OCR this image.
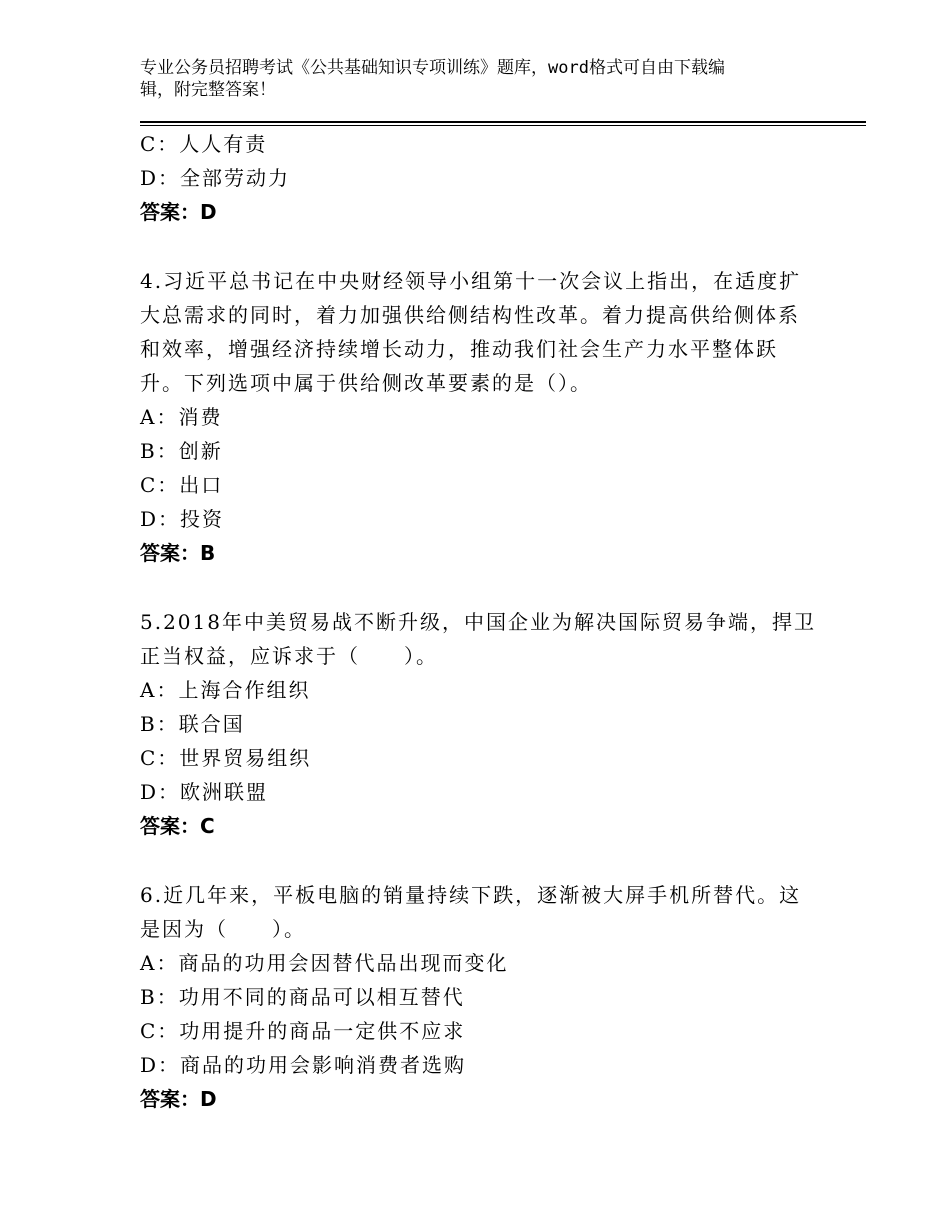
专业公务员招聘考试《公共基础知识专项训练》题库，word格式可自由下载编
辑，附完整答案！
C：人人有责
D：全部劳动力
答案：D
4.习近平总书记在中央财经领导小组第十一次会议上指出，在适度扩
大总需求的同时，着力加强供给侧结构性改革。着力提高供给侧体系
和效率，增强经济持续增长动力，推动我们社会生产力水平整体跃
升。下列选项中属于供给侧改革要素的是（）。
A：消费
B：创新
C：出口
D：投资
答案：B
5.2018年中美贸易战不断升级，中国企业为解决国际贸易争端，捍卫
正当权益，应诉求于（　　）。
A：上海合作组织
B：联合国
C：世界贸易组织
D：欧洲联盟
答案：C
6.近几年来，平板电脑的销量持续下跌，逐渐被大屏手机所替代。这
是因为（　　）。
A：商品的功用会因替代品出现而变化
B：功用不同的商品可以相互替代
C：功用提升的商品一定供不应求
D：商品的功用会影响消费者选购
答案：D
